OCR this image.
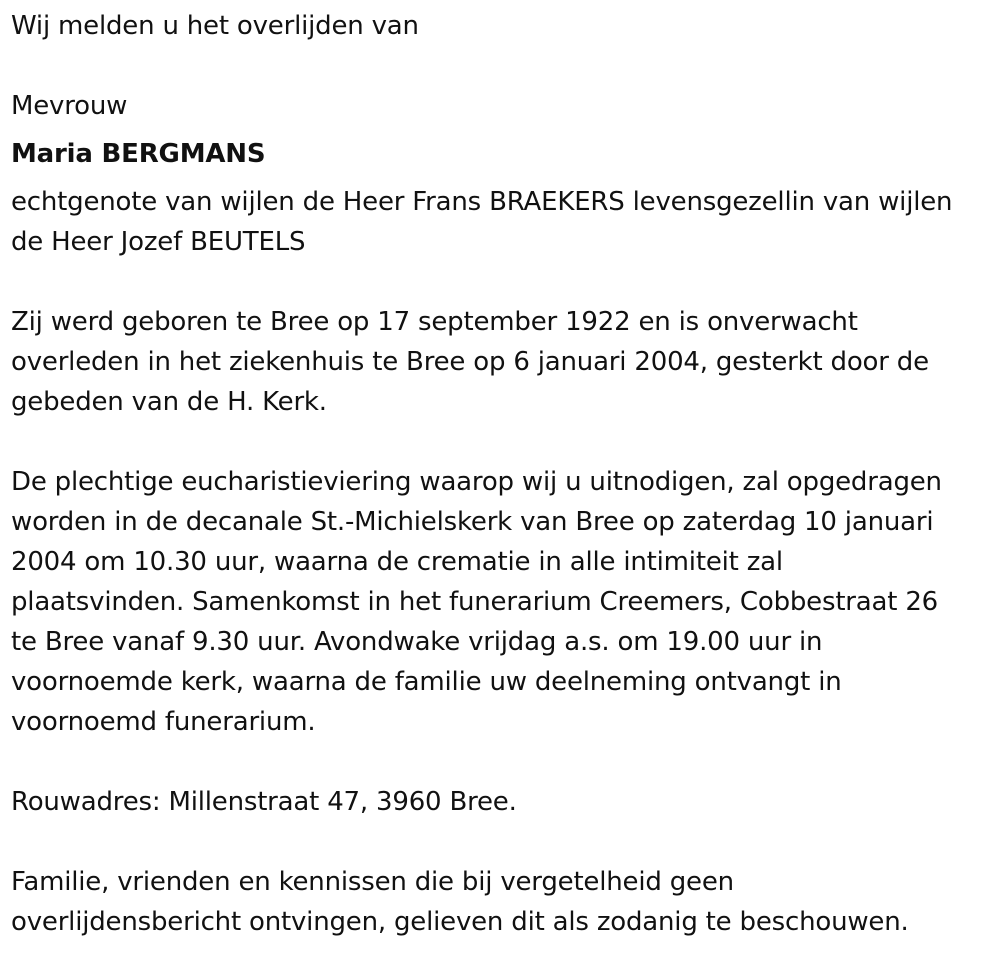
Wij melden u het overlijden van
Mevrouw
Maria BERGMANS
echtgenote van wijlen de Heer Frans BRAEKERS levensgezellin van wijlen
de Heer Jozef BEUTELS
Zij werd geboren te Bree op 17 september 1922 en is onverwacht
overleden in het ziekenhuis te Bree op 6 januari 2004, gesterkt door de
gebeden van de H. Kerk.
De plechtige eucharistieviering waarop wij u uitnodigen, zal opgedragen
worden in de decanale St.-Michielskerk van Bree op zaterdag 10 januari
2004 om 10.30 uur, waarna de crematie in alle intimiteit zal
plaatsvinden. Samenkomst in het funerarium Creemers, Cobbestraat 26
te Bree vanaf 9.30 uur. Avondwake vrijdag a.s. om 19.00 uur in
voornoemde kerk, waarna de familie uw deelneming ontvangt in
voornoemd funerarium.
Rouwadres: Millenstraat 47, 3960 Bree.
Familie, vrienden en kennissen die bij vergetelheid geen
overlijdensbericht ontvingen, gelieven dit als zodanig te beschouwen.
